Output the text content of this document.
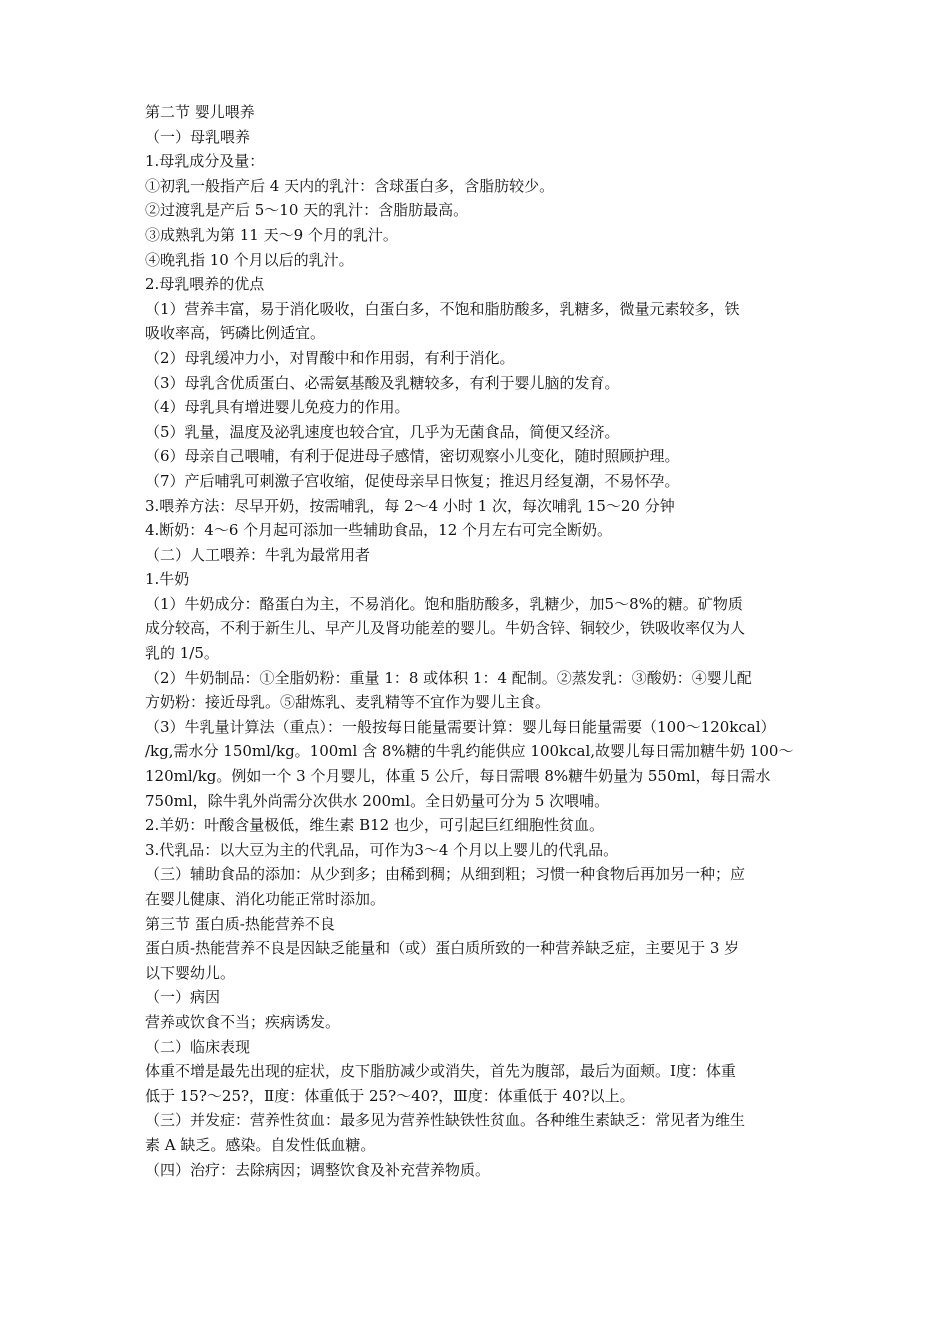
第二节 婴儿喂养

（一）母乳喂养

1.母乳成分及量：

①初乳一般指产后 4 天内的乳汁：含球蛋白多，含脂肪较少。

②过渡乳是产后 5～10 天的乳汁：含脂肪最高。

③成熟乳为第 11 天～9 个月的乳汁。

④晚乳指 10 个月以后的乳汁。

2.母乳喂养的优点

（1）营养丰富，易于消化吸收，白蛋白多，不饱和脂肪酸多，乳糖多，微量元素较多，铁

吸收率高，钙磷比例适宜。

（2）母乳缓冲力小，对胃酸中和作用弱，有利于消化。

（3）母乳含优质蛋白、必需氨基酸及乳糖较多，有利于婴儿脑的发育。

（4）母乳具有增进婴儿免疫力的作用。

（5）乳量，温度及泌乳速度也较合宜，几乎为无菌食品，简便又经济。

（6）母亲自己喂哺，有利于促进母子感情，密切观察小儿变化，随时照顾护理。

（7）产后哺乳可刺激子宫收缩，促使母亲早日恢复；推迟月经复潮，不易怀孕。

3.喂养方法：尽早开奶，按需哺乳，每 2～4 小时 1 次，每次哺乳 15～20 分钟

4.断奶：4～6 个月起可添加一些辅助食品，12 个月左右可完全断奶。

（二）人工喂养：牛乳为最常用者

1.牛奶

（1）牛奶成分：酪蛋白为主，不易消化。饱和脂肪酸多，乳糖少，加5～8%的糖。矿物质

成分较高，不利于新生儿、早产儿及肾功能差的婴儿。牛奶含锌、铜较少，铁吸收率仅为人

乳的 1/5。

（2）牛奶制品：①全脂奶粉：重量 1：8 或体积 1：4 配制。②蒸发乳：③酸奶：④婴儿配

方奶粉：接近母乳。⑤甜炼乳、麦乳精等不宜作为婴儿主食。

（3）牛乳量计算法（重点）：一般按每日能量需要计算：婴儿每日能量需要（100～120kcal）

/kg,需水分 150ml/kg。100ml 含 8%糖的牛乳约能供应 100kcal,故婴儿每日需加糖牛奶 100～

120ml/kg。例如一个 3 个月婴儿，体重 5 公斤，每日需喂 8%糖牛奶量为 550ml，每日需水

750ml，除牛乳外尚需分次供水 200ml。全日奶量可分为 5 次喂哺。

2.羊奶：叶酸含量极低，维生素 B12 也少，可引起巨红细胞性贫血。

3.代乳品：以大豆为主的代乳品，可作为3～4 个月以上婴儿的代乳品。

（三）辅助食品的添加：从少到多；由稀到稠；从细到粗；习惯一种食物后再加另一种；应

在婴儿健康、消化功能正常时添加。

第三节 蛋白质-热能营养不良

蛋白质-热能营养不良是因缺乏能量和（或）蛋白质所致的一种营养缺乏症，主要见于 3 岁

以下婴幼儿。

（一）病因

营养或饮食不当；疾病诱发。

（二）临床表现

体重不增是最先出现的症状，皮下脂肪减少或消失，首先为腹部，最后为面颊。Ⅰ度：体重

低于 15?～25?，Ⅱ度：体重低于 25?～40?，Ⅲ度：体重低于 40?以上。

（三）并发症：营养性贫血：最多见为营养性缺铁性贫血。各种维生素缺乏：常见者为维生

素 A 缺乏。感染。自发性低血糖。

（四）治疗：去除病因；调整饮食及补充营养物质。
